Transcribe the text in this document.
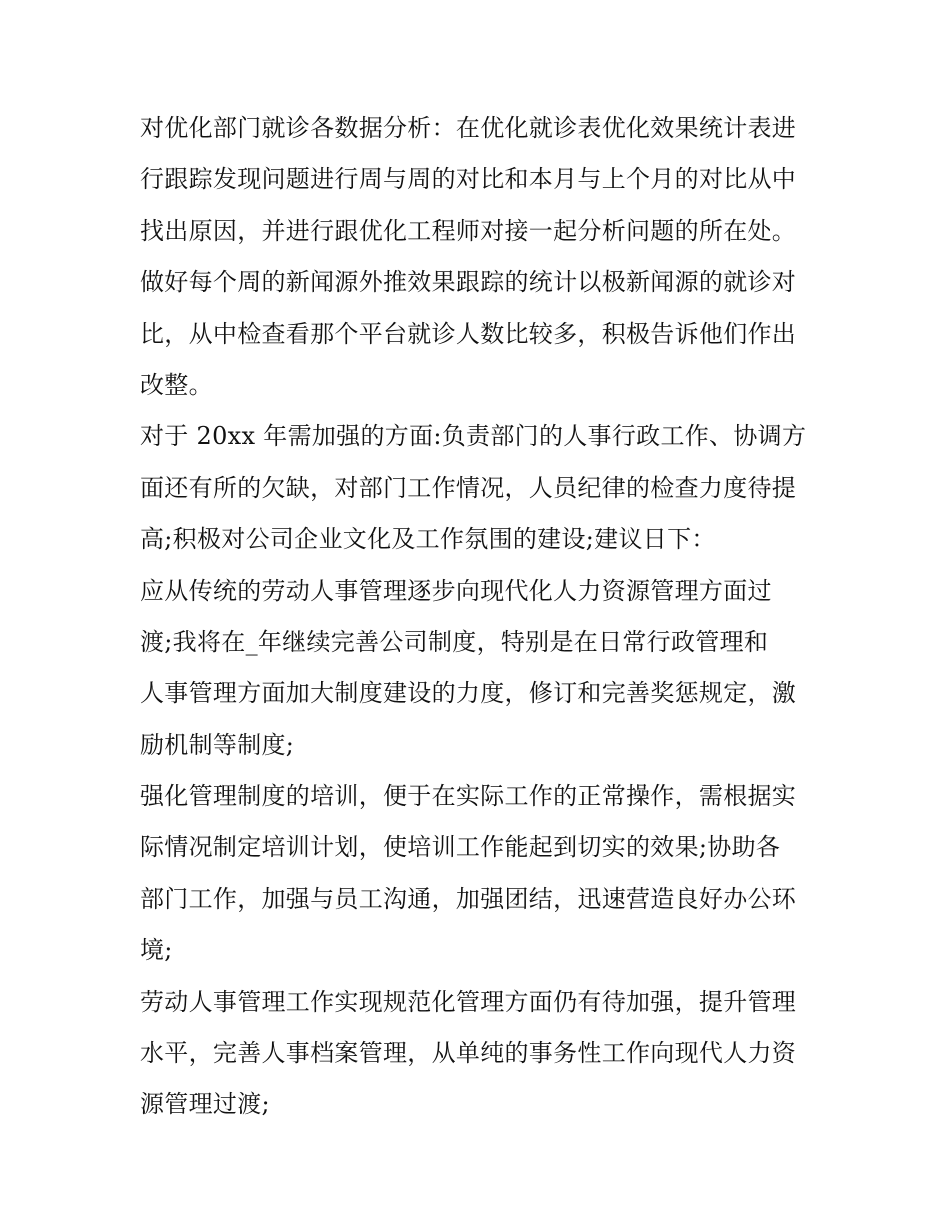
对优化部门就诊各数据分析：在优化就诊表优化效果统计表进
行跟踪发现问题进行周与周的对比和本月与上个月的对比从中
找出原因，并进行跟优化工程师对接一起分析问题的所在处。
做好每个周的新闻源外推效果跟踪的统计以极新闻源的就诊对
比，从中检查看那个平台就诊人数比较多，积极告诉他们作出
改整。
对于 20xx 年需加强的方面:负责部门的人事行政工作、协调方
面还有所的欠缺，对部门工作情况，人员纪律的检查力度待提
高;积极对公司企业文化及工作氛围的建设;建议日下：
应从传统的劳动人事管理逐步向现代化人力资源管理方面过
渡;我将在_年继续完善公司制度，特别是在日常行政管理和
人事管理方面加大制度建设的力度，修订和完善奖惩规定，激
励机制等制度;
强化管理制度的培训，便于在实际工作的正常操作，需根据实
际情况制定培训计划，使培训工作能起到切实的效果;协助各
部门工作，加强与员工沟通，加强团结，迅速营造良好办公环
境;
劳动人事管理工作实现规范化管理方面仍有待加强，提升管理
水平，完善人事档案管理，从单纯的事务性工作向现代人力资
源管理过渡;
